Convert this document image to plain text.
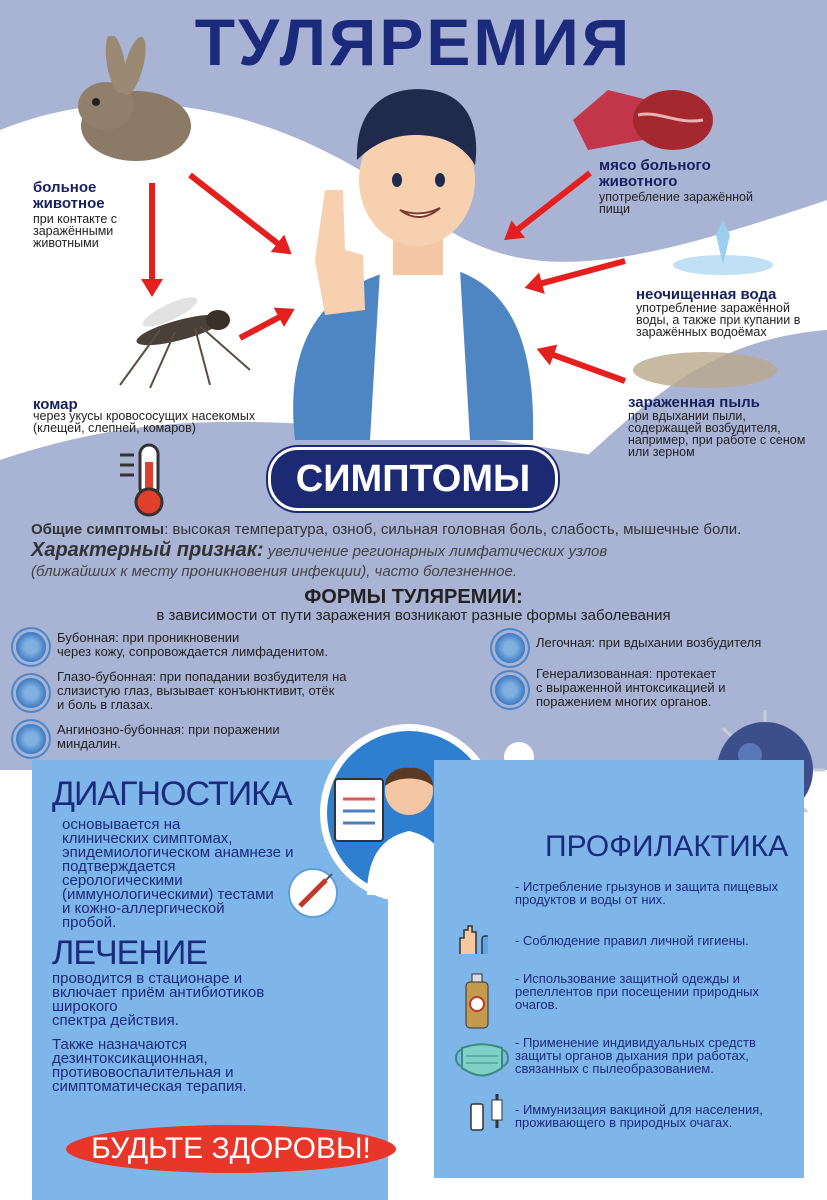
ТУЛЯРЕМИЯ
больное животное
при контакте с заражёнными животными
комар
через укусы кровососущих насекомых (клещей, слепней, комаров)
мясо больного животного
употребление заражённой пищи
неочищенная вода
употребление заражённой воды, а также при купании в заражённых водоёмах
зараженная пыль
при вдыхании пыли, содержащей возбудителя, например, при работе с сеном или зерном
СИМПТОМЫ
Общие симптомы: высокая температура, озноб, сильная головная боль, слабость, мышечные боли.
Характерный признак: увеличение регионарных лимфатических узлов
(ближайших к месту проникновения инфекции), часто болезненное.
ФОРМЫ ТУЛЯРЕМИИ:
в зависимости от пути заражения возникают разные формы заболевания
Бубонная: при проникновении
через кожу, сопровождается лимфаденитом.
Глазо-бубонная: при попадании возбудителя на
слизистую глаз, вызывает конъюнктивит, отёк
и боль в глазах.
Ангинозно-бубонная: при поражении
миндалин.
Легочная: при вдыхании возбудителя
Генерализованная: протекает
с выраженной интоксикацией и
поражением многих органов.
ДИАГНОСТИКА
основывается на
клинических симптомах,
эпидемиологическом анамнезе и
подтверждается
серологическими
(иммунологическими) тестами
и кожно-аллергической
пробой.
ЛЕЧЕНИЕ
проводится в стационаре и
включает приём антибиотиков
широкого
спектра действия.
Также назначаются
дезинтоксикационная,
противовоспалительная и
симптоматическая терапия.
ПРОФИЛАКТИКА
- Истребление грызунов и защита пищевых
продуктов и воды от них.
- Соблюдение правил личной гигиены.
- Использование защитной одежды и
репеллентов при посещении природных
очагов.
- Применение индивидуальных средств
защиты органов дыхания при работах,
связанных с пылеобразованием.
- Иммунизация вакциной для населения,
проживающего в природных очагах.
БУДЬТЕ ЗДОРОВЫ!
